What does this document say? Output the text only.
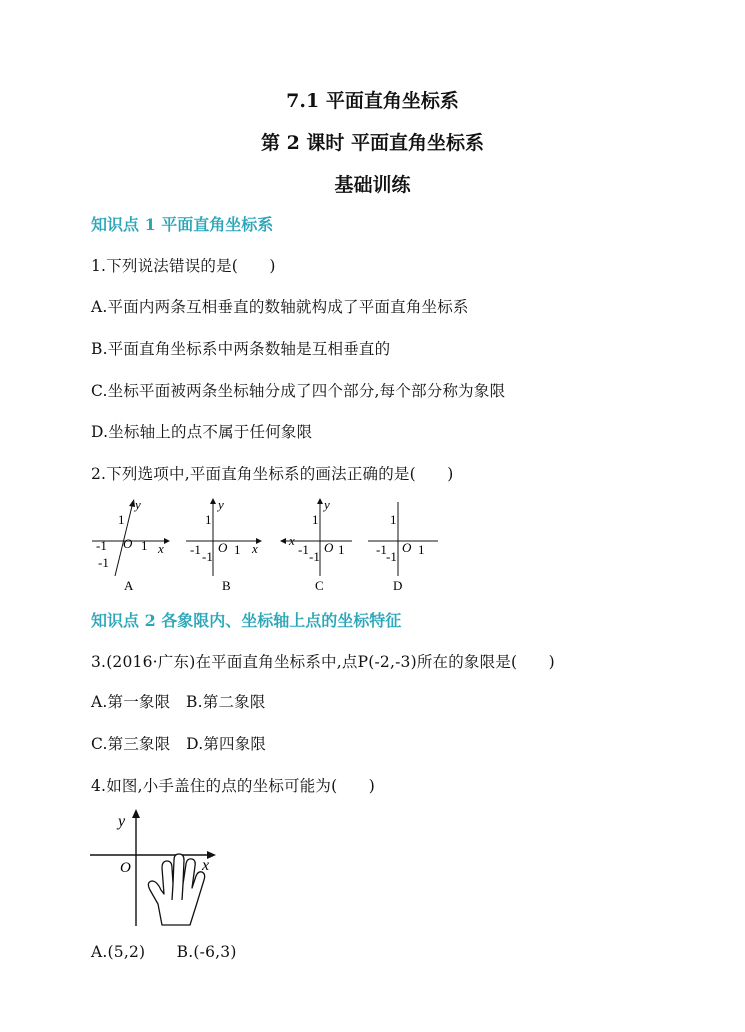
7.1 平面直角坐标系
第 2 课时 平面直角坐标系
基础训练
知识点 1 平面直角坐标系
1.下列说法错误的是(　　)
A.平面内两条互相垂直的数轴就构成了平面直角坐标系
B.平面直角坐标系中两条数轴是互相垂直的
C.坐标平面被两条坐标轴分成了四个部分,每个部分称为象限
D.坐标轴上的点不属于任何象限
2.下列选项中,平面直角坐标系的画法正确的是(　　)
y
x
O
1
-1	1
-1
A
y
x
O
1
-1	1
-1
B
y
x O
1
-1 1
-1
C
O
1
-1 1
-1
D
知识点 2 各象限内、坐标轴上点的坐标特征
3.(2016·广东)在平面直角坐标系中,点P(-2,-3)所在的象限是(　　)
A.第一象限　B.第二象限
C.第三象限　D.第四象限
4.如图,小手盖住的点的坐标可能为(　　)
y
x
O
A.(5,2)　　B.(-6,3)
